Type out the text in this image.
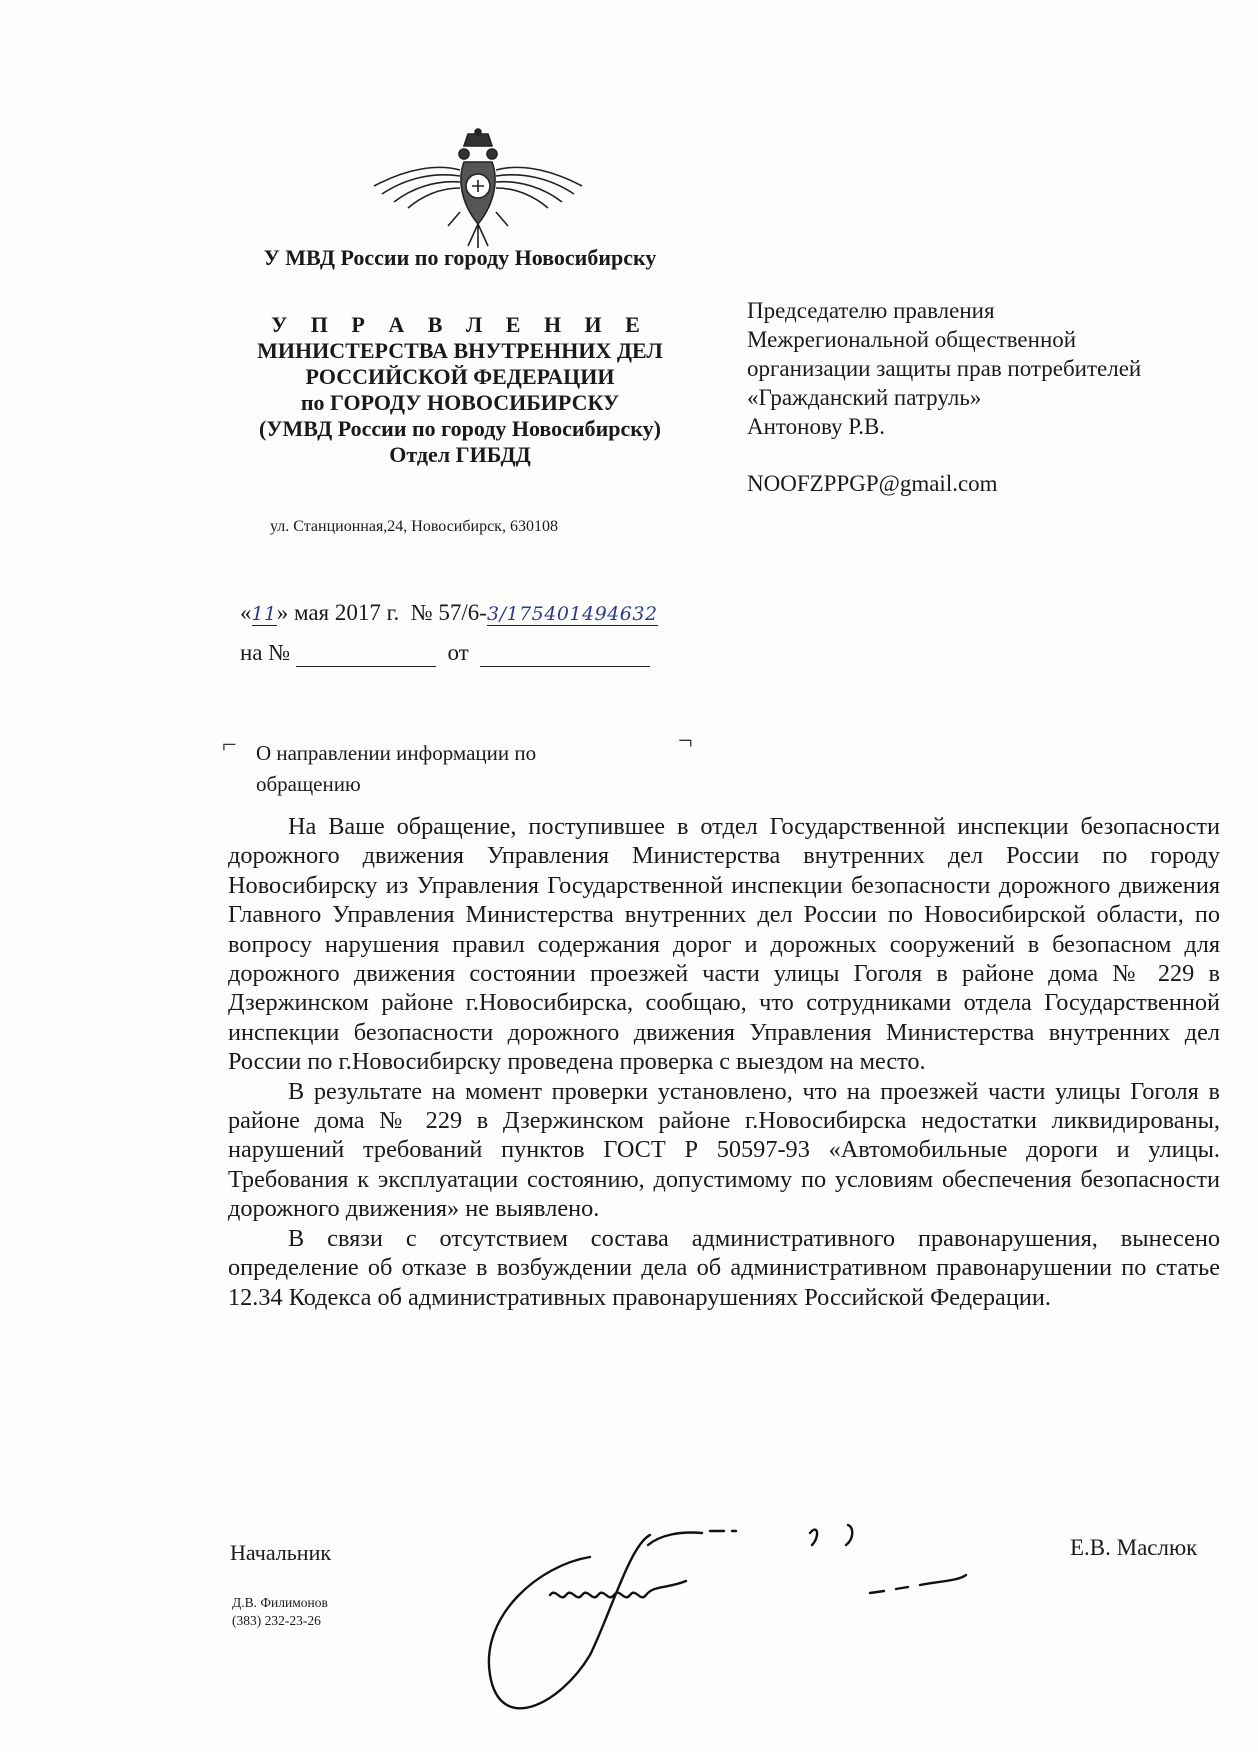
У МВД России по городу Новосибирску
У П Р А В Л Е Н И Е
МИНИСТЕРСТВА ВНУТРЕННИХ ДЕЛ
РОССИЙСКОЙ ФЕДЕРАЦИИ
по ГОРОДУ НОВОСИБИРСКУ
(УМВД России по городу Новосибирску)
Отдел ГИБДД
ул. Станционная,24, Новосибирск, 630108
Председателю правления
Межрегиональной общественной
организации защиты прав потребителей
«Гражданский патруль»
Антонову Р.В.
NOOFZPPGP@gmail.com
«11» мая 2017 г. № 57/6-3/175401494632
на №	от
⌐	¬
О направлении информации по
обращению

На Ваше обращение, поступившее в отдел Государственной инспекции безопасности дорожного движения Управления Министерства внутренних дел России по городу Новосибирску из Управления Государственной инспекции безопасности дорожного движения Главного Управления Министерства внутренних дел России по Новосибирской области, по вопросу нарушения правил содержания дорог и дорожных сооружений в безопасном для дорожного движения состоянии проезжей части улицы Гоголя в районе дома № 229 в Дзержинском районе г.Новосибирска, сообщаю, что сотрудниками отдела Государственной инспекции безопасности дорожного движения Управления Министерства внутренних дел России по г.Новосибирску проведена проверка с выездом на место.

В результате на момент проверки установлено, что на проезжей части улицы Гоголя в районе дома № 229 в Дзержинском районе г.Новосибирска недостатки ликвидированы, нарушений требований пунктов ГОСТ Р 50597-93 «Автомобильные дороги и улицы. Требования к эксплуатации состоянию, допустимому по условиям обеспечения безопасности дорожного движения» не выявлено.

В связи с отсутствием состава административного правонарушения, вынесено определение об отказе в возбуждении дела об административном правонарушении по статье 12.34 Кодекса об административных правонарушениях Российской Федерации.

Начальник	Е.В. Маслюк
Д.В. Филимонов
(383) 232-23-26
